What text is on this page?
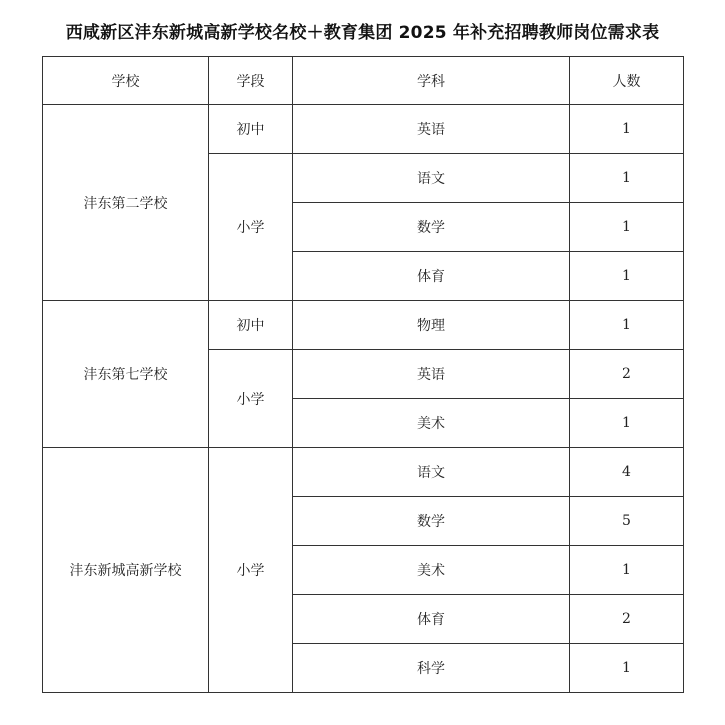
西咸新区沣东新城高新学校名校＋教育集团 2025 年补充招聘教师岗位需求表
学校	学段	学科	人数
沣东第二学校	初中	英语	1
	小学	语文	1
		数学	1
		体育	1
沣东第七学校	初中	物理	1
	小学	英语	2
		美术	1
沣东新城高新学校	小学	语文	4
		数学	5
		美术	1
		体育	2
		科学	1
